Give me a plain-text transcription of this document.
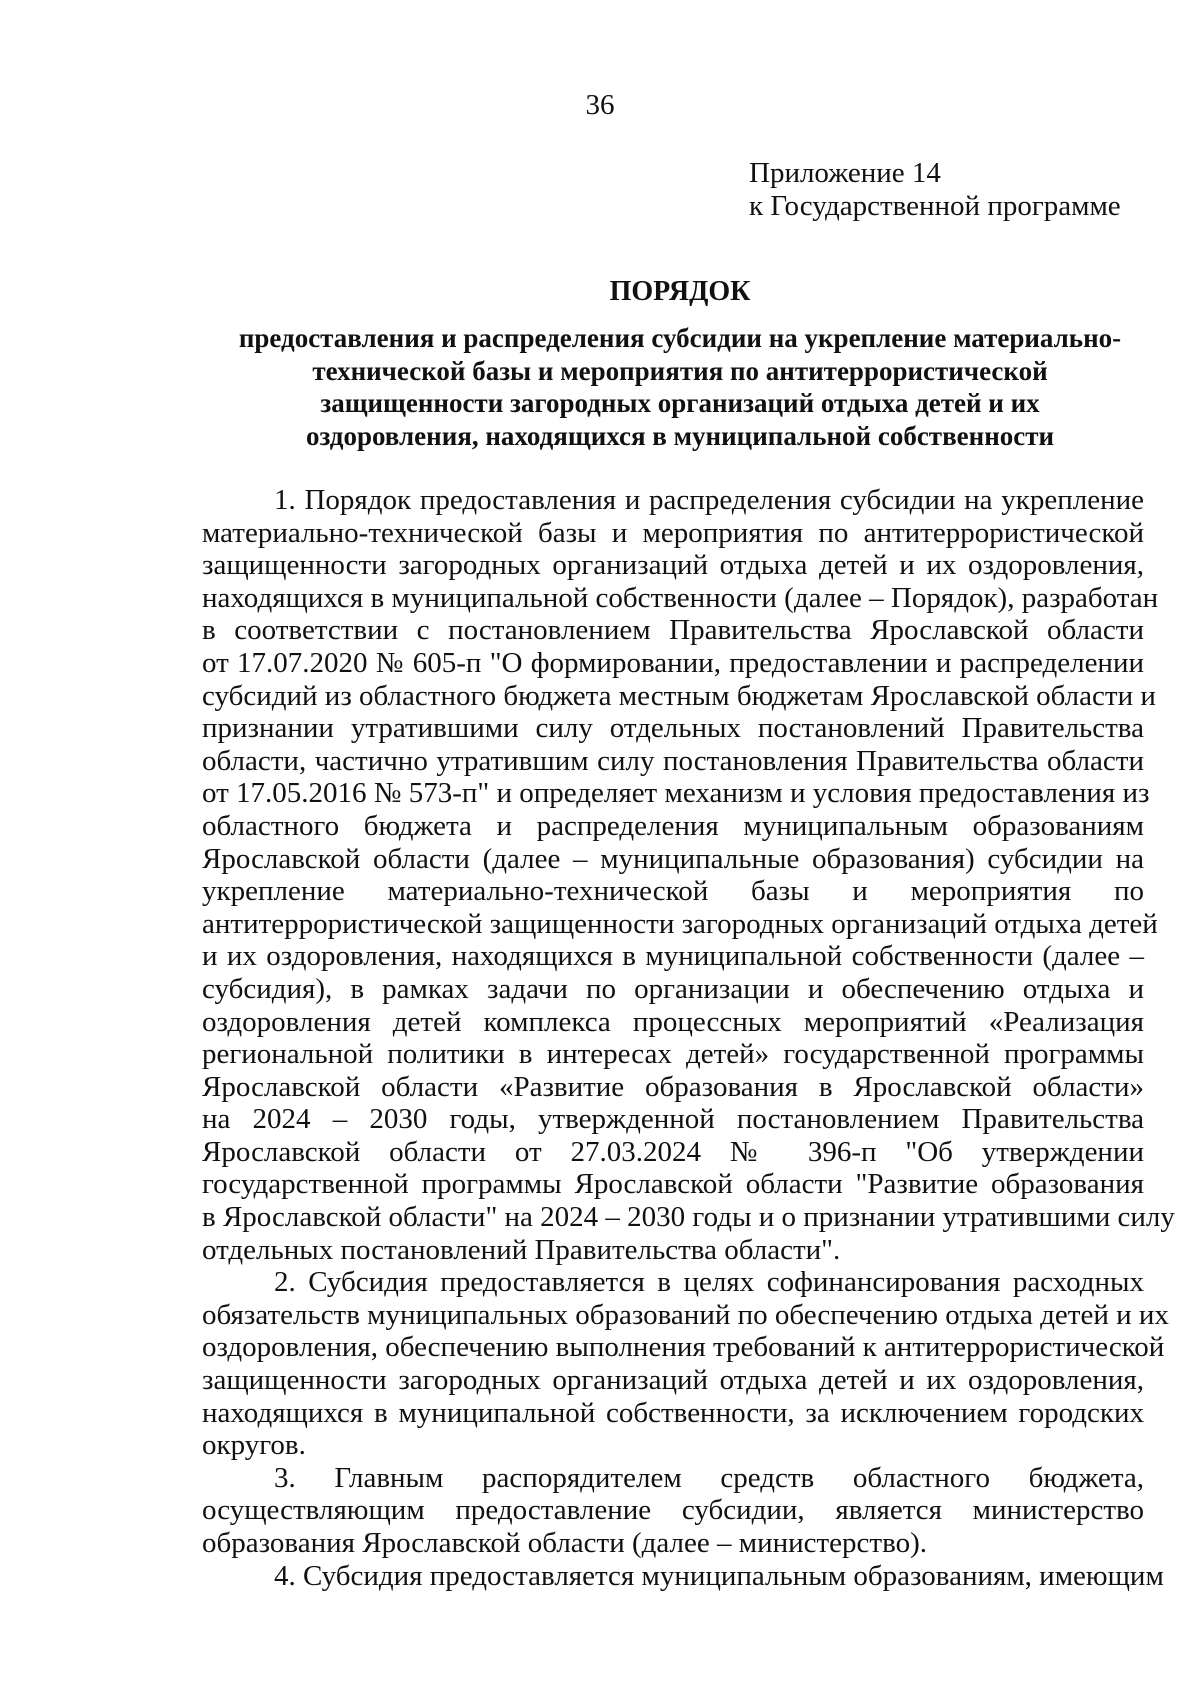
36
Приложение 14
к Государственной программе
ПОРЯДОК
предоставления и распределения субсидии на укрепление материально-
технической базы и мероприятия по антитеррористической
защищенности загородных организаций отдыха детей и их
оздоровления, находящихся в муниципальной собственности
1. Порядок предоставления и распределения субсидии на укрепление
материально-технической базы и мероприятия по антитеррористической
защищенности загородных организаций отдыха детей и их оздоровления,
находящихся в муниципальной собственности (далее – Порядок), разработан
в соответствии с постановлением Правительства Ярославской области
от 17.07.2020 № 605-п "О формировании, предоставлении и распределении
субсидий из областного бюджета местным бюджетам Ярославской области и
признании утратившими силу отдельных постановлений Правительства
области, частично утратившим силу постановления Правительства области
от 17.05.2016 № 573-п" и определяет механизм и условия предоставления из
областного бюджета и распределения муниципальным образованиям
Ярославской области (далее – муниципальные образования) субсидии на
укрепление материально-технической базы и мероприятия по
антитеррористической защищенности загородных организаций отдыха детей
и их оздоровления, находящихся в муниципальной собственности (далее –
субсидия), в рамках задачи по организации и обеспечению отдыха и
оздоровления детей комплекса процессных мероприятий «Реализация
региональной политики в интересах детей» государственной программы
Ярославской области «Развитие образования в Ярославской области»
на 2024 – 2030 годы, утвержденной постановлением Правительства
Ярославской области от 27.03.2024 № 396-п "Об утверждении
государственной программы Ярославской области "Развитие образования
в Ярославской области" на 2024 – 2030 годы и о признании утратившими силу
отдельных постановлений Правительства области".
2. Субсидия предоставляется в целях софинансирования расходных
обязательств муниципальных образований по обеспечению отдыха детей и их
оздоровления, обеспечению выполнения требований к антитеррористической
защищенности загородных организаций отдыха детей и их оздоровления,
находящихся в муниципальной собственности, за исключением городских
округов.
3. Главным распорядителем средств областного бюджета,
осуществляющим предоставление субсидии, является министерство
образования Ярославской области (далее – министерство).
4. Субсидия предоставляется муниципальным образованиям, имеющим
